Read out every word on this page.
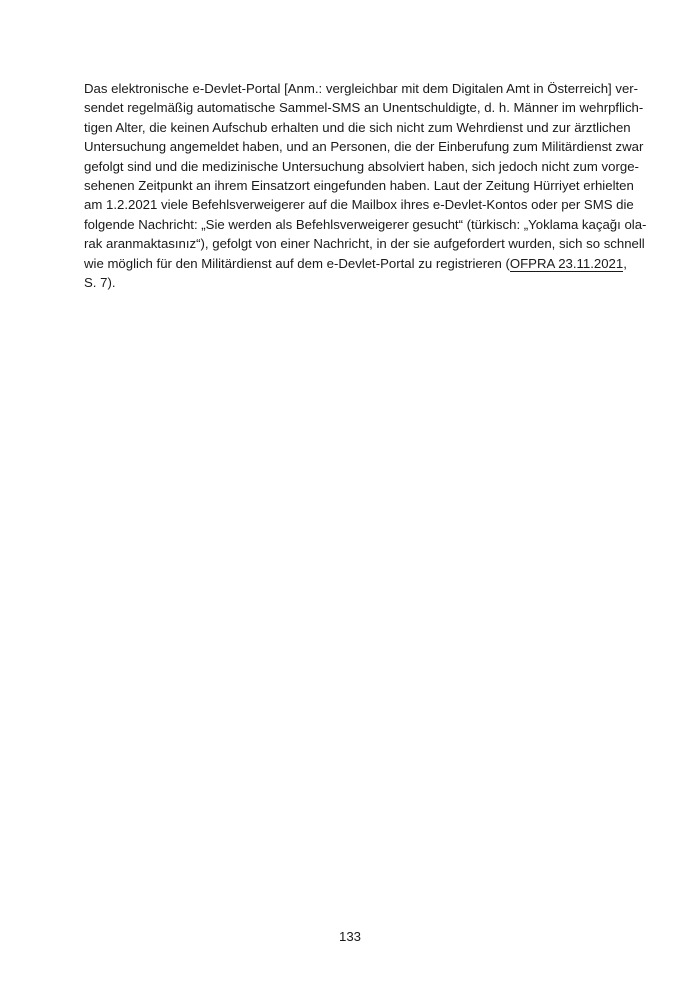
Das elektronische e-Devlet-Portal [Anm.: vergleichbar mit dem Digitalen Amt in Österreich] ver-
sendet regelmäßig automatische Sammel-SMS an Unentschuldigte, d. h. Männer im wehrpflich-
tigen Alter, die keinen Aufschub erhalten und die sich nicht zum Wehrdienst und zur ärztlichen
Untersuchung angemeldet haben, und an Personen, die der Einberufung zum Militärdienst zwar
gefolgt sind und die medizinische Untersuchung absolviert haben, sich jedoch nicht zum vorge-
sehenen Zeitpunkt an ihrem Einsatzort eingefunden haben. Laut der Zeitung Hürriyet erhielten
am 1.2.2021 viele Befehlsverweigerer auf die Mailbox ihres e-Devlet-Kontos oder per SMS die
folgende Nachricht: „Sie werden als Befehlsverweigerer gesucht“ (türkisch: „Yoklama kaçağı ola-
rak aranmaktasınız“), gefolgt von einer Nachricht, in der sie aufgefordert wurden, sich so schnell
wie möglich für den Militärdienst auf dem e-Devlet-Portal zu registrieren (OFPRA 23.11.2021,
S. 7).
133
